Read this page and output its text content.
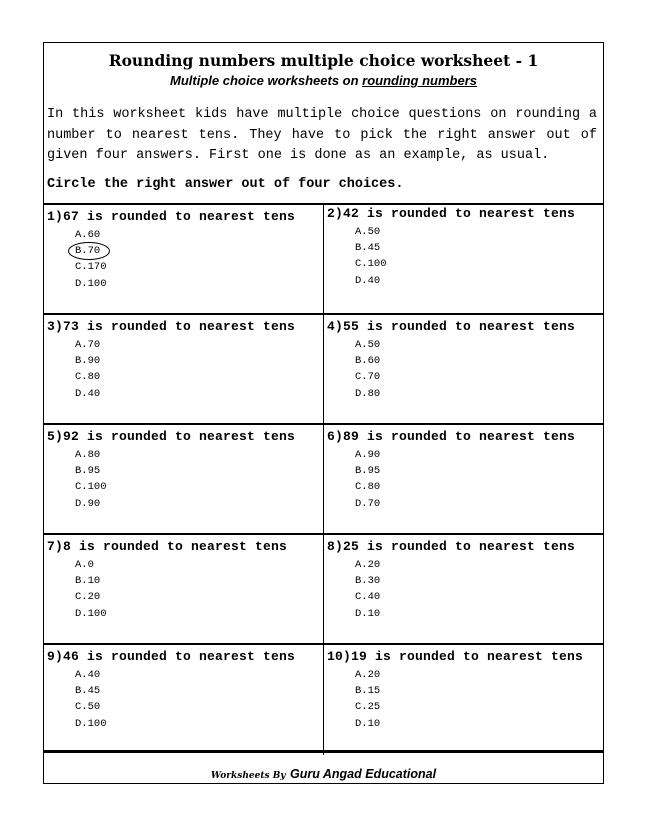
Rounding numbers multiple choice worksheet - 1
Multiple choice worksheets on rounding numbers
In this worksheet kids have multiple choice questions on rounding a number to nearest tens. They have to pick the right answer out of given four answers. First one is done as an example, as usual.
Circle the right answer out of four choices.
1)67 is rounded to nearest tens
A.60
B.70
C.170
D.100
2)42 is rounded to nearest tens
A.50
B.45
C.100
D.40
3)73 is rounded to nearest tens
A.70
B.90
C.80
D.40
4)55 is rounded to nearest tens
A.50
B.60
C.70
D.80
5)92 is rounded to nearest tens
A.80
B.95
C.100
D.90
6)89 is rounded to nearest tens
A.90
B.95
C.80
D.70
7)8 is rounded to nearest tens
A.0
B.10
C.20
D.100
8)25 is rounded to nearest tens
A.20
B.30
C.40
D.10
9)46 is rounded to nearest tens
A.40
B.45
C.50
D.100
10)19 is rounded to nearest tens
A.20
B.15
C.25
D.10
Worksheets By Guru Angad Educational
